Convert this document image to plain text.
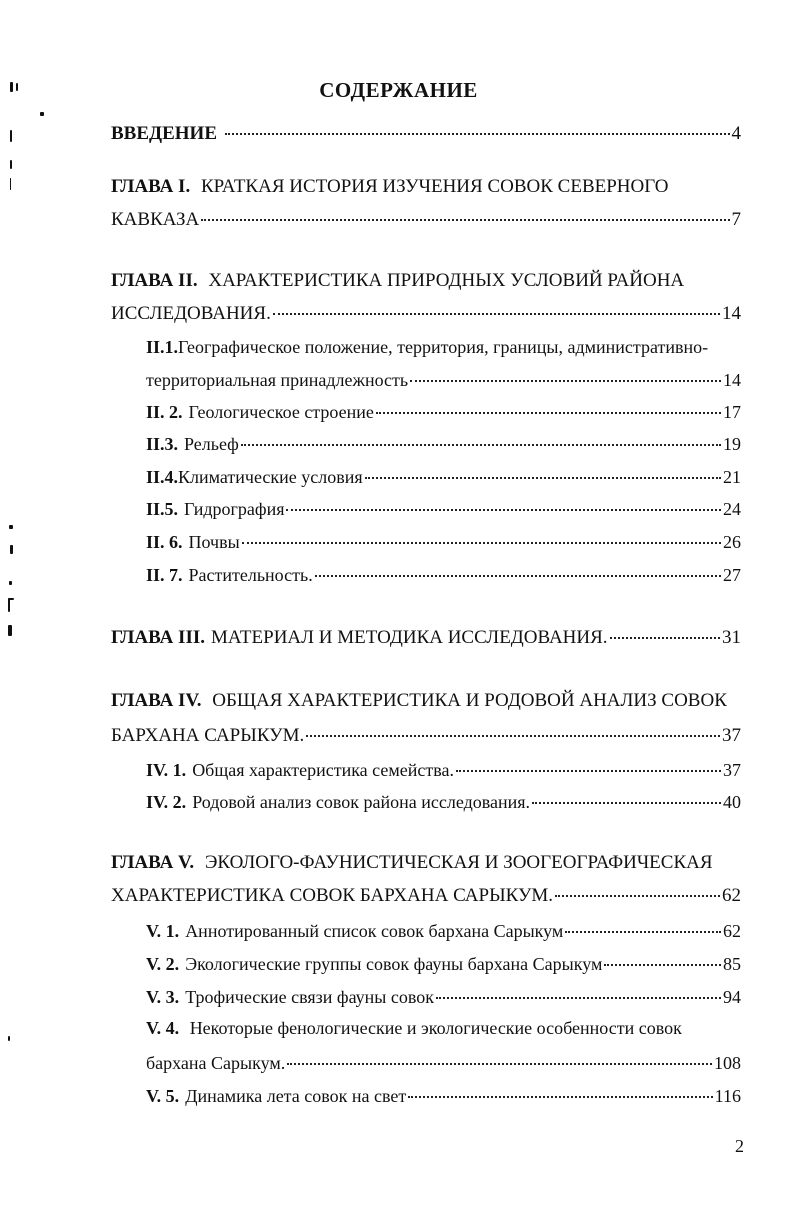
СОДЕРЖАНИЕ
ВВЕДЕНИЕ	4
ГЛАВА I. КРАТКАЯ ИСТОРИЯ ИЗУЧЕНИЯ СОВОК СЕВЕРНОГО
КАВКАЗА	7
ГЛАВА II. ХАРАКТЕРИСТИКА ПРИРОДНЫХ УСЛОВИЙ РАЙОНА
ИССЛЕДОВАНИЯ.	14
II.1.Географическое положение, территория, границы, административно-
территориальная принадлежность	14
II. 2. Геологическое строение	17
II.3. Рельеф	19
II.4. Климатические условия	21
II.5. Гидрография	24
II. 6. Почвы	26
II. 7. Растительность.	27
ГЛАВА III. МАТЕРИАЛ И МЕТОДИКА ИССЛЕДОВАНИЯ.	31
ГЛАВА IV. ОБЩАЯ ХАРАКТЕРИСТИКА И РОДОВОЙ АНАЛИЗ СОВОК
БАРХАНА САРЫКУМ.	37
IV. 1. Общая характеристика семейства.	37
IV. 2. Родовой анализ совок района исследования.	40
ГЛАВА V. ЭКОЛОГО-ФАУНИСТИЧЕСКАЯ И ЗООГЕОГРАФИЧЕСКАЯ
ХАРАКТЕРИСТИКА СОВОК БАРХАНА САРЫКУМ.	62
V. 1. Аннотированный список совок бархана Сарыкум	62
V. 2. Экологические группы совок фауны бархана Сарыкум	85
V. 3. Трофические связи фауны совок	94
V. 4. Некоторые фенологические и экологические особенности совок
бархана Сарыкум.	108
V. 5. Динамика лета совок на свет	116
2
